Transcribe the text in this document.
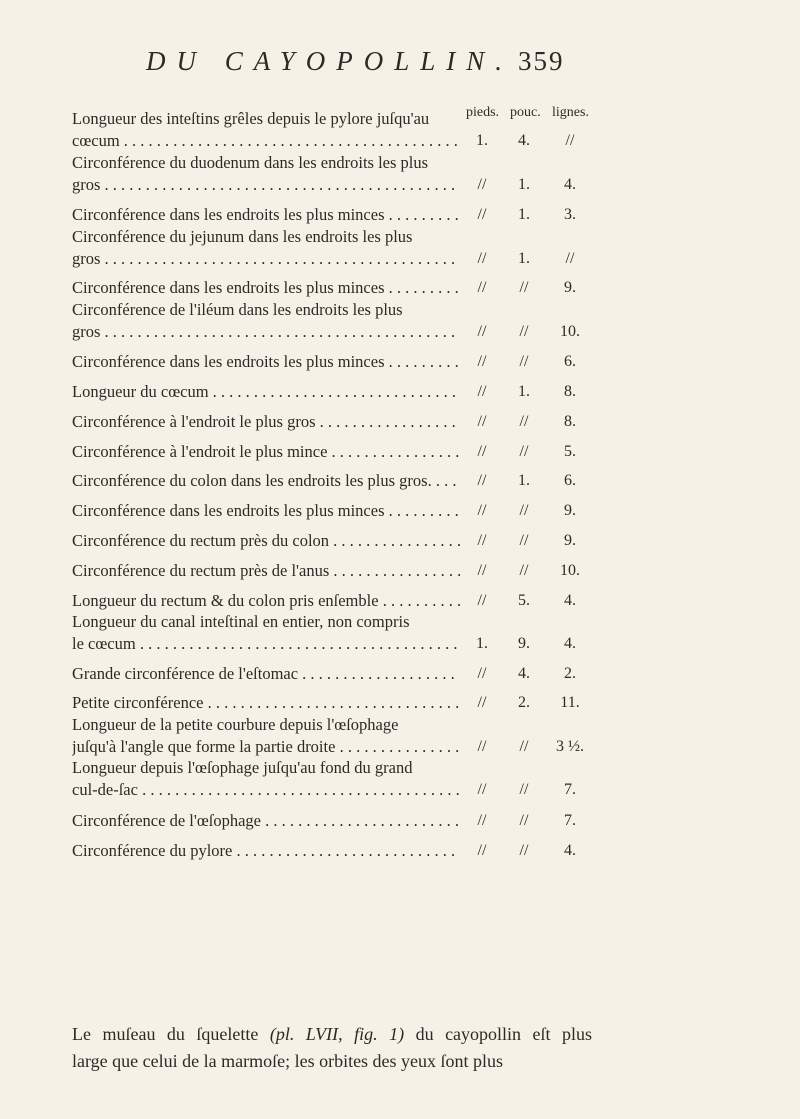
DU CAYOPOLLIN. 359
pieds. pouc. lignes.
Longueur des inteſtins grêles depuis le pylore juſqu'au
cœcum . . .	1.	4.	//
Circonférence du duodenum dans les endroits les plus
gros . . .	//	1.	4.
Circonférence dans les endroits les plus minces . . .	//	1.	3.
Circonférence du jejunum dans les endroits les plus
gros . . .	//	1.	//
Circonférence dans les endroits les plus minces . . .	//	//	9.
Circonférence de l'iléum dans les endroits les plus
gros . . .	//	//	10.
Circonférence dans les endroits les plus minces . . .	//	//	6.
Longueur du cœcum . . .	//	1.	8.
Circonférence à l'endroit le plus gros . . .	//	//	8.
Circonférence à l'endroit le plus mince . . .	//	//	5.
Circonférence du colon dans les endroits les plus gros. . . .	//	1.	6.
Circonférence dans les endroits les plus minces . . .	//	//	9.
Circonférence du rectum près du colon . . .	//	//	9.
Circonférence du rectum près de l'anus . . .	//	//	10.
Longueur du rectum & du colon pris enſemble . . .	//	5.	4.
Longueur du canal inteſtinal en entier, non compris
le cœcum . . .	1.	9.	4.
Grande circonférence de l'eſtomac . . .	//	4.	2.
Petite circonférence . . .	//	2.	11.
Longueur de la petite courbure depuis l'œſophage
juſqu'à l'angle que forme la partie droite . . .	//	//	3 ½.
Longueur depuis l'œſophage juſqu'au fond du grand
cul-de-ſac . . .	//	//	7.
Circonférence de l'œſophage . . .	//	//	7.
Circonférence du pylore . . .	//	//	4.

Le muſeau du ſquelette (pl. LVII, fig. 1) du cayopollin eſt plus

large que celui de la marmoſe; les orbites des yeux ſont plus
